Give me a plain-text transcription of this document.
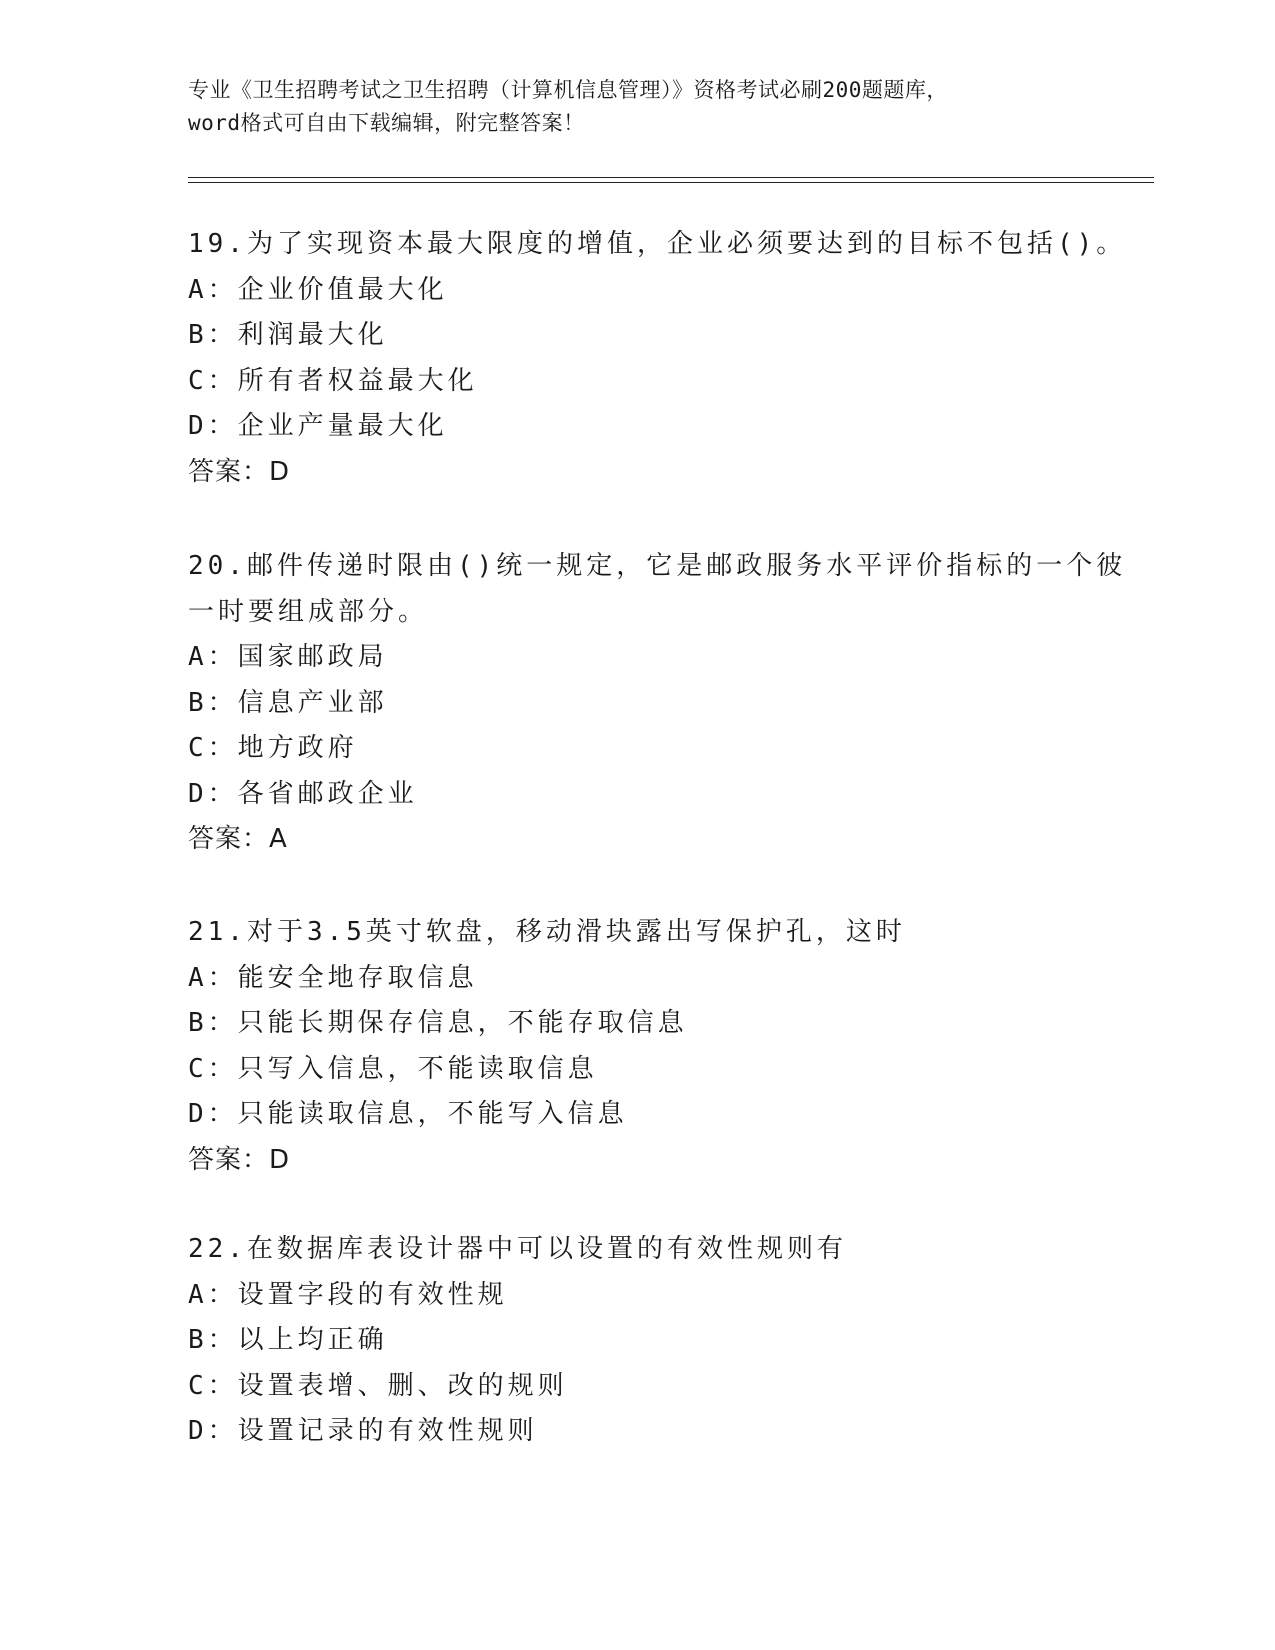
专业《卫生招聘考试之卫生招聘（计算机信息管理）》资格考试必刷200题题库，
word格式可自由下载编辑，附完整答案！
19.为了实现资本最大限度的增值，企业必须要达到的目标不包括()。
A：企业价值最大化
B：利润最大化
C：所有者权益最大化
D：企业产量最大化
答案：D
20.邮件传递时限由()统一规定，它是邮政服务水平评价指标的一个彼
一时要组成部分。
A：国家邮政局
B：信息产业部
C：地方政府
D：各省邮政企业
答案：A
21.对于3.5英寸软盘，移动滑块露出写保护孔，这时
A：能安全地存取信息
B：只能长期保存信息，不能存取信息
C：只写入信息，不能读取信息
D：只能读取信息，不能写入信息
答案：D
22.在数据库表设计器中可以设置的有效性规则有
A：设置字段的有效性规
B：以上均正确
C：设置表增、删、改的规则
D：设置记录的有效性规则
